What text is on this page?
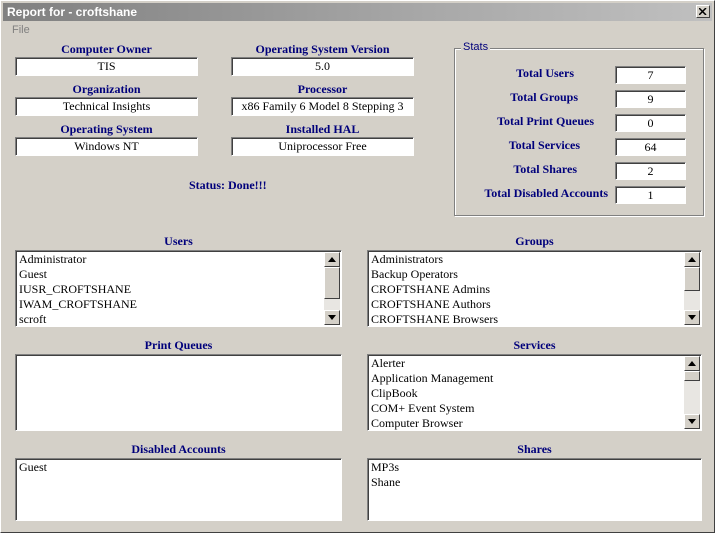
Report for - croftshane
File
Computer Owner
TIS
Organization
Technical Insights
Operating System
Windows NT
Operating System Version
5.0
Processor
x86 Family 6 Model 8 Stepping 3
Installed HAL
Uniprocessor Free
Status: Done!!!
Stats
Total Users	7
Total Groups	9
Total Print Queues	0
Total Services	64
Total Shares	2
Total Disabled Accounts	1
Users
Administrator
Guest
IUSR_CROFTSHANE
IWAM_CROFTSHANE
scroft
Groups
Administrators
Backup Operators
CROFTSHANE Admins
CROFTSHANE Authors
CROFTSHANE Browsers
Print Queues	Services
Alerter
Application Management
ClipBook
COM+ Event System
Computer Browser
Disabled Accounts
Guest
Shares
MP3s
Shane
